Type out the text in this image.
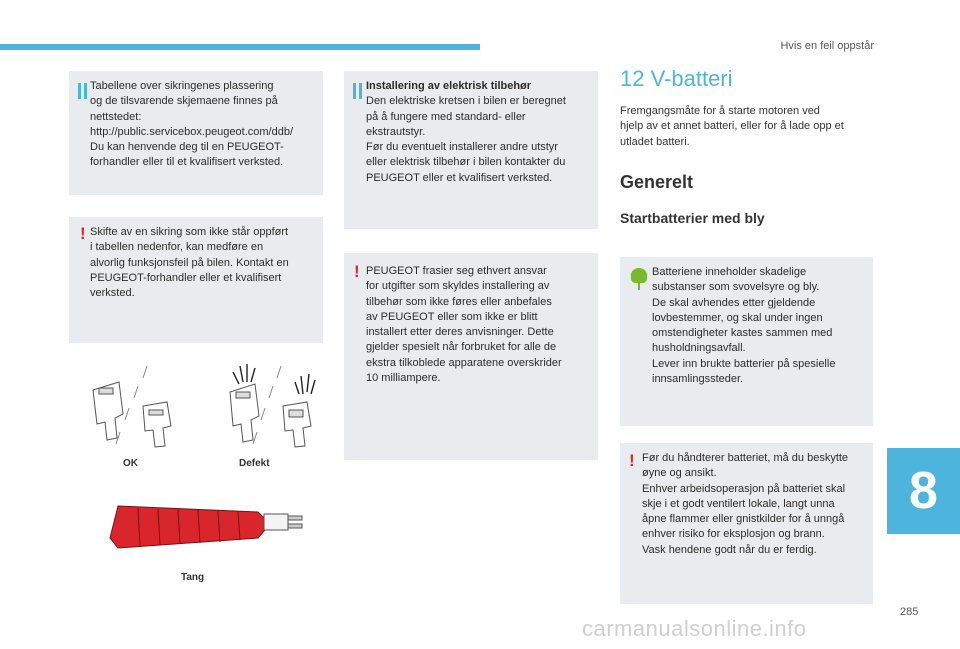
Hvis en feil oppstår

Tabellene over sikringenes plassering
og de tilsvarende skjemaene finnes på
nettstedet:
http://public.servicebox.peugeot.com/ddb/
Du kan henvende deg til en PEUGEOT-
forhandler eller til et kvalifisert verksted.

! Skifte av en sikring som ikke står oppført
i tabellen nedenfor, kan medføre en
alvorlig funksjonsfeil på bilen. Kontakt en
PEUGEOT-forhandler eller et kvalifisert
verksted.

OK	Defekt
Tang

Installering av elektrisk tilbehør
Den elektriske kretsen i bilen er beregnet
på å fungere med standard- eller
ekstrautstyr.
Før du eventuelt installerer andre utstyr
eller elektrisk tilbehør i bilen kontakter du
PEUGEOT eller et kvalifisert verksted.

! PEUGEOT frasier seg ethvert ansvar
for utgifter som skyldes installering av
tilbehør som ikke føres eller anbefales
av PEUGEOT eller som ikke er blitt
installert etter deres anvisninger. Dette
gjelder spesielt når forbruket for alle de
ekstra tilkoblede apparatene overskrider
10 milliampere.

12 V-batteri

Fremgangsmåte for å starte motoren ved
hjelp av et annet batteri, eller for å lade opp et
utladet batteri.

Generelt
Startbatterier med bly

Batteriene inneholder skadelige
substanser som svovelsyre og bly.
De skal avhendes etter gjeldende
lovbestemmer, og skal under ingen
omstendigheter kastes sammen med
husholdningsavfall.
Lever inn brukte batterier på spesielle
innsamlingssteder.

! Før du håndterer batteriet, må du beskytte
øyne og ansikt.
Enhver arbeidsoperasjon på batteriet skal
skje i et godt ventilert lokale, langt unna
åpne flammer eller gnistkilder for å unngå
enhver risiko for eksplosjon og brann.
Vask hendene godt når du er ferdig.

8
285
carmanualsonline.info
